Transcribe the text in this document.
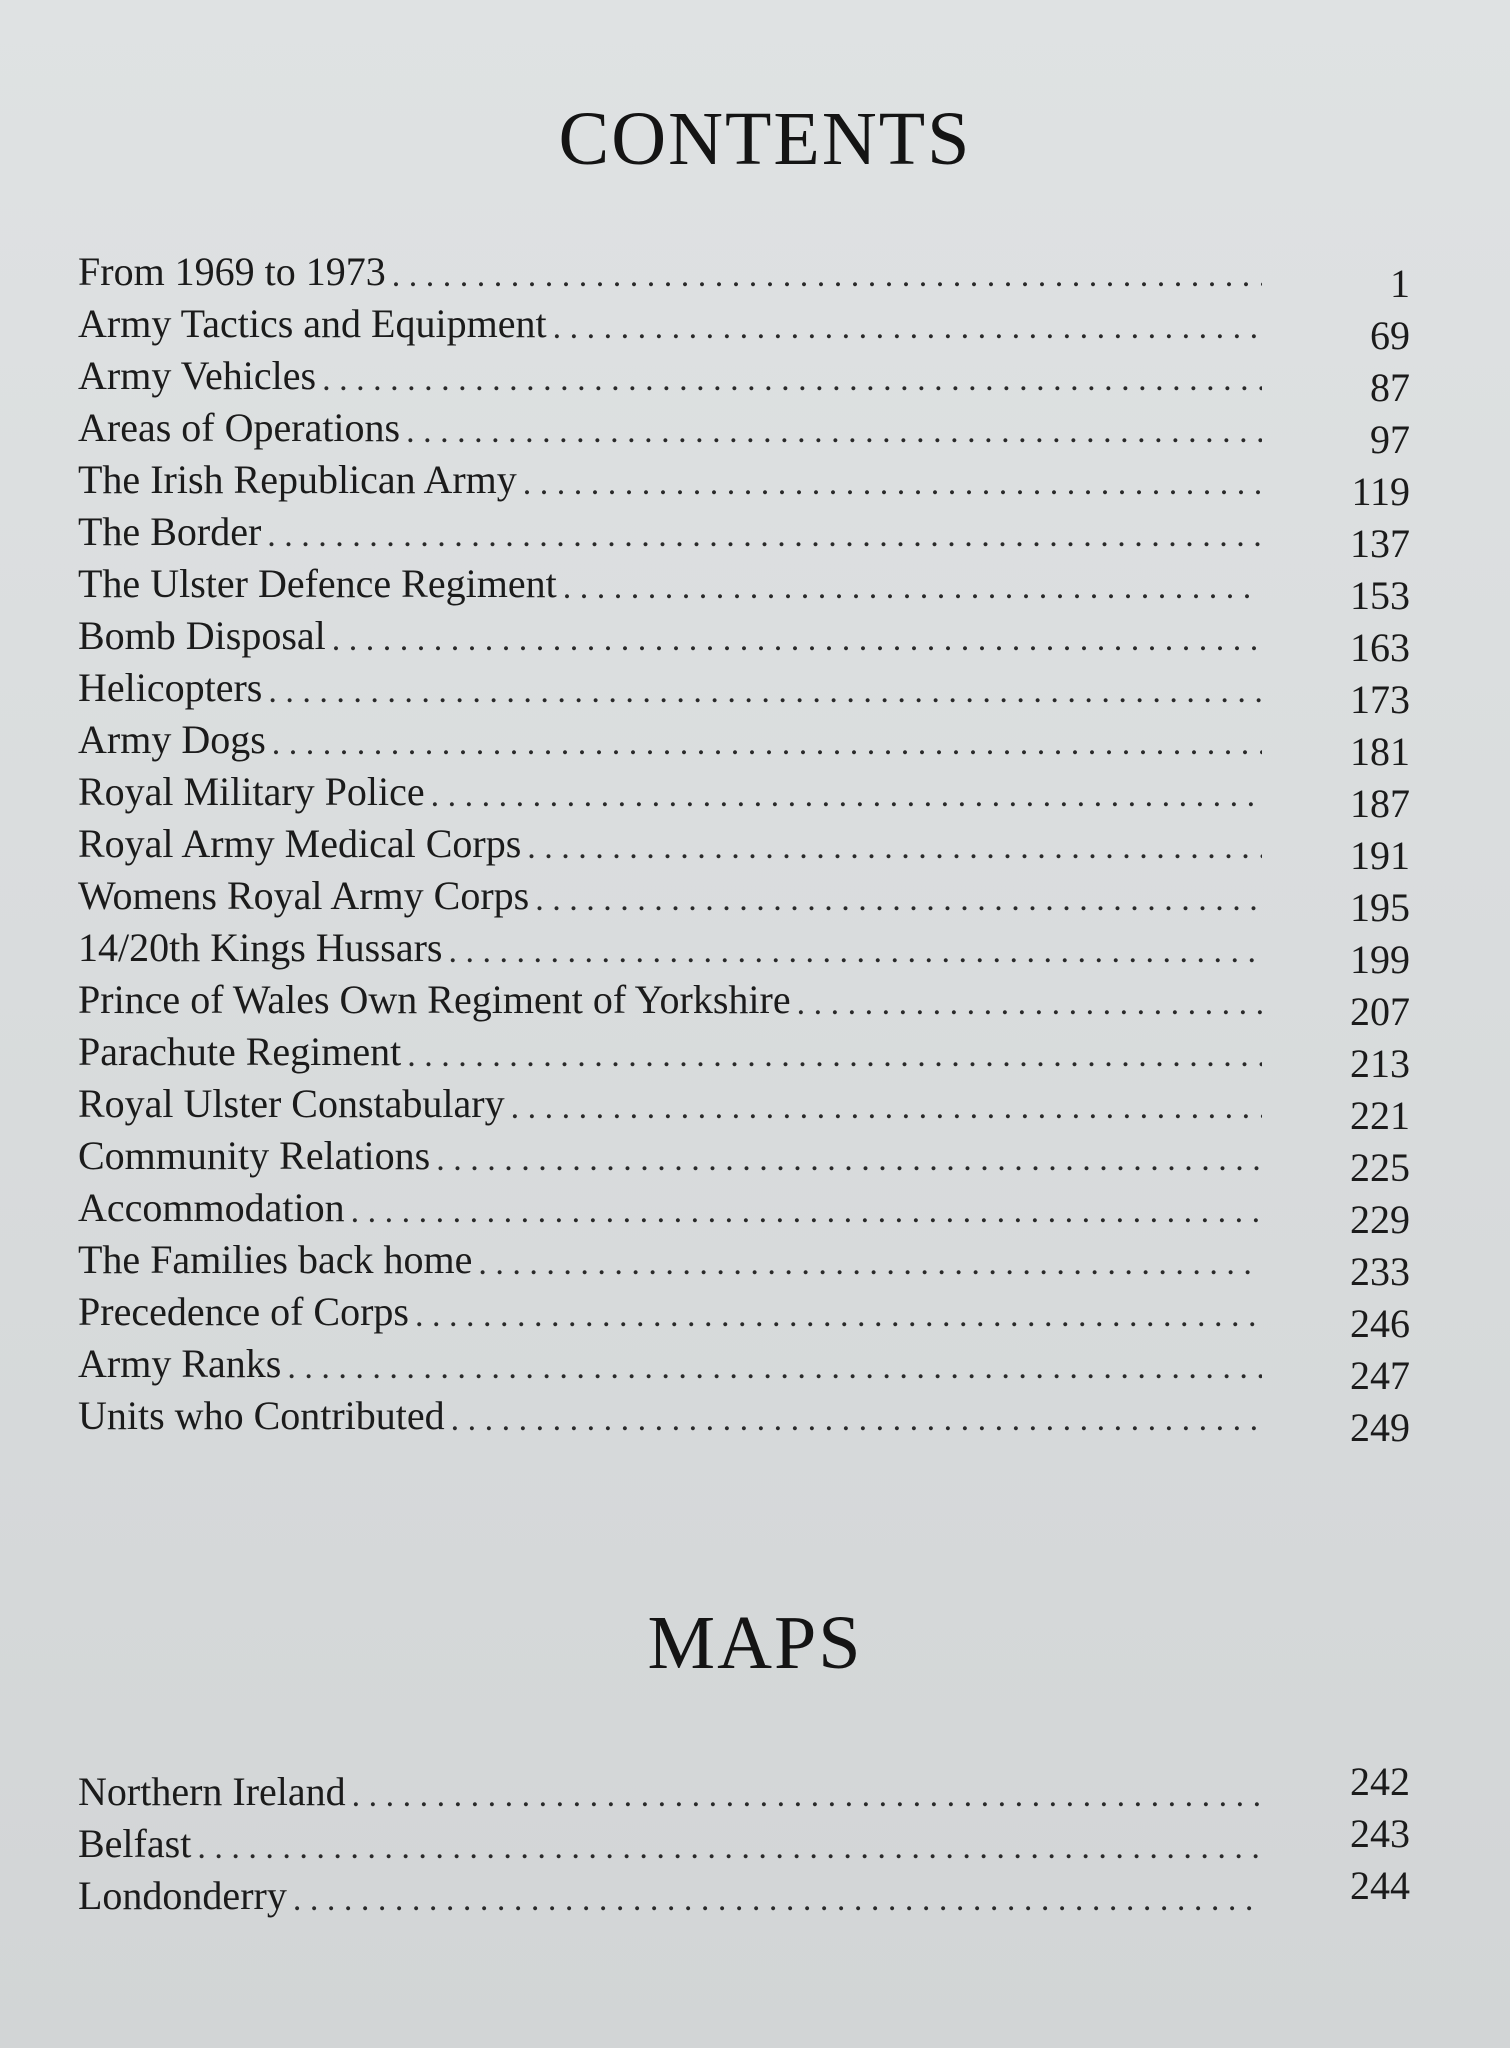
CONTENTS
From 1969 to 1973 . . .	1
Army Tactics and Equipment . . .	69
Army Vehicles . . .	87
Areas of Operations . . .	97
The Irish Republican Army . . .	119
The Border . . .	137
The Ulster Defence Regiment . . .	153
Bomb Disposal . . .	163
Helicopters . . .	173
Army Dogs . . .	181
Royal Military Police . . .	187
Royal Army Medical Corps . . .	191
Womens Royal Army Corps . . .	195
14/20th Kings Hussars . . .	199
Prince of Wales Own Regiment of Yorkshire . . .	207
Parachute Regiment . . .	213
Royal Ulster Constabulary . . .	221
Community Relations . . .	225
Accommodation . . .	229
The Families back home . . .	233
Precedence of Corps . . .	246
Army Ranks . . .	247
Units who Contributed . . .	249
MAPS
Northern Ireland . . .	242
Belfast . . .	243
Londonderry . . .	244
